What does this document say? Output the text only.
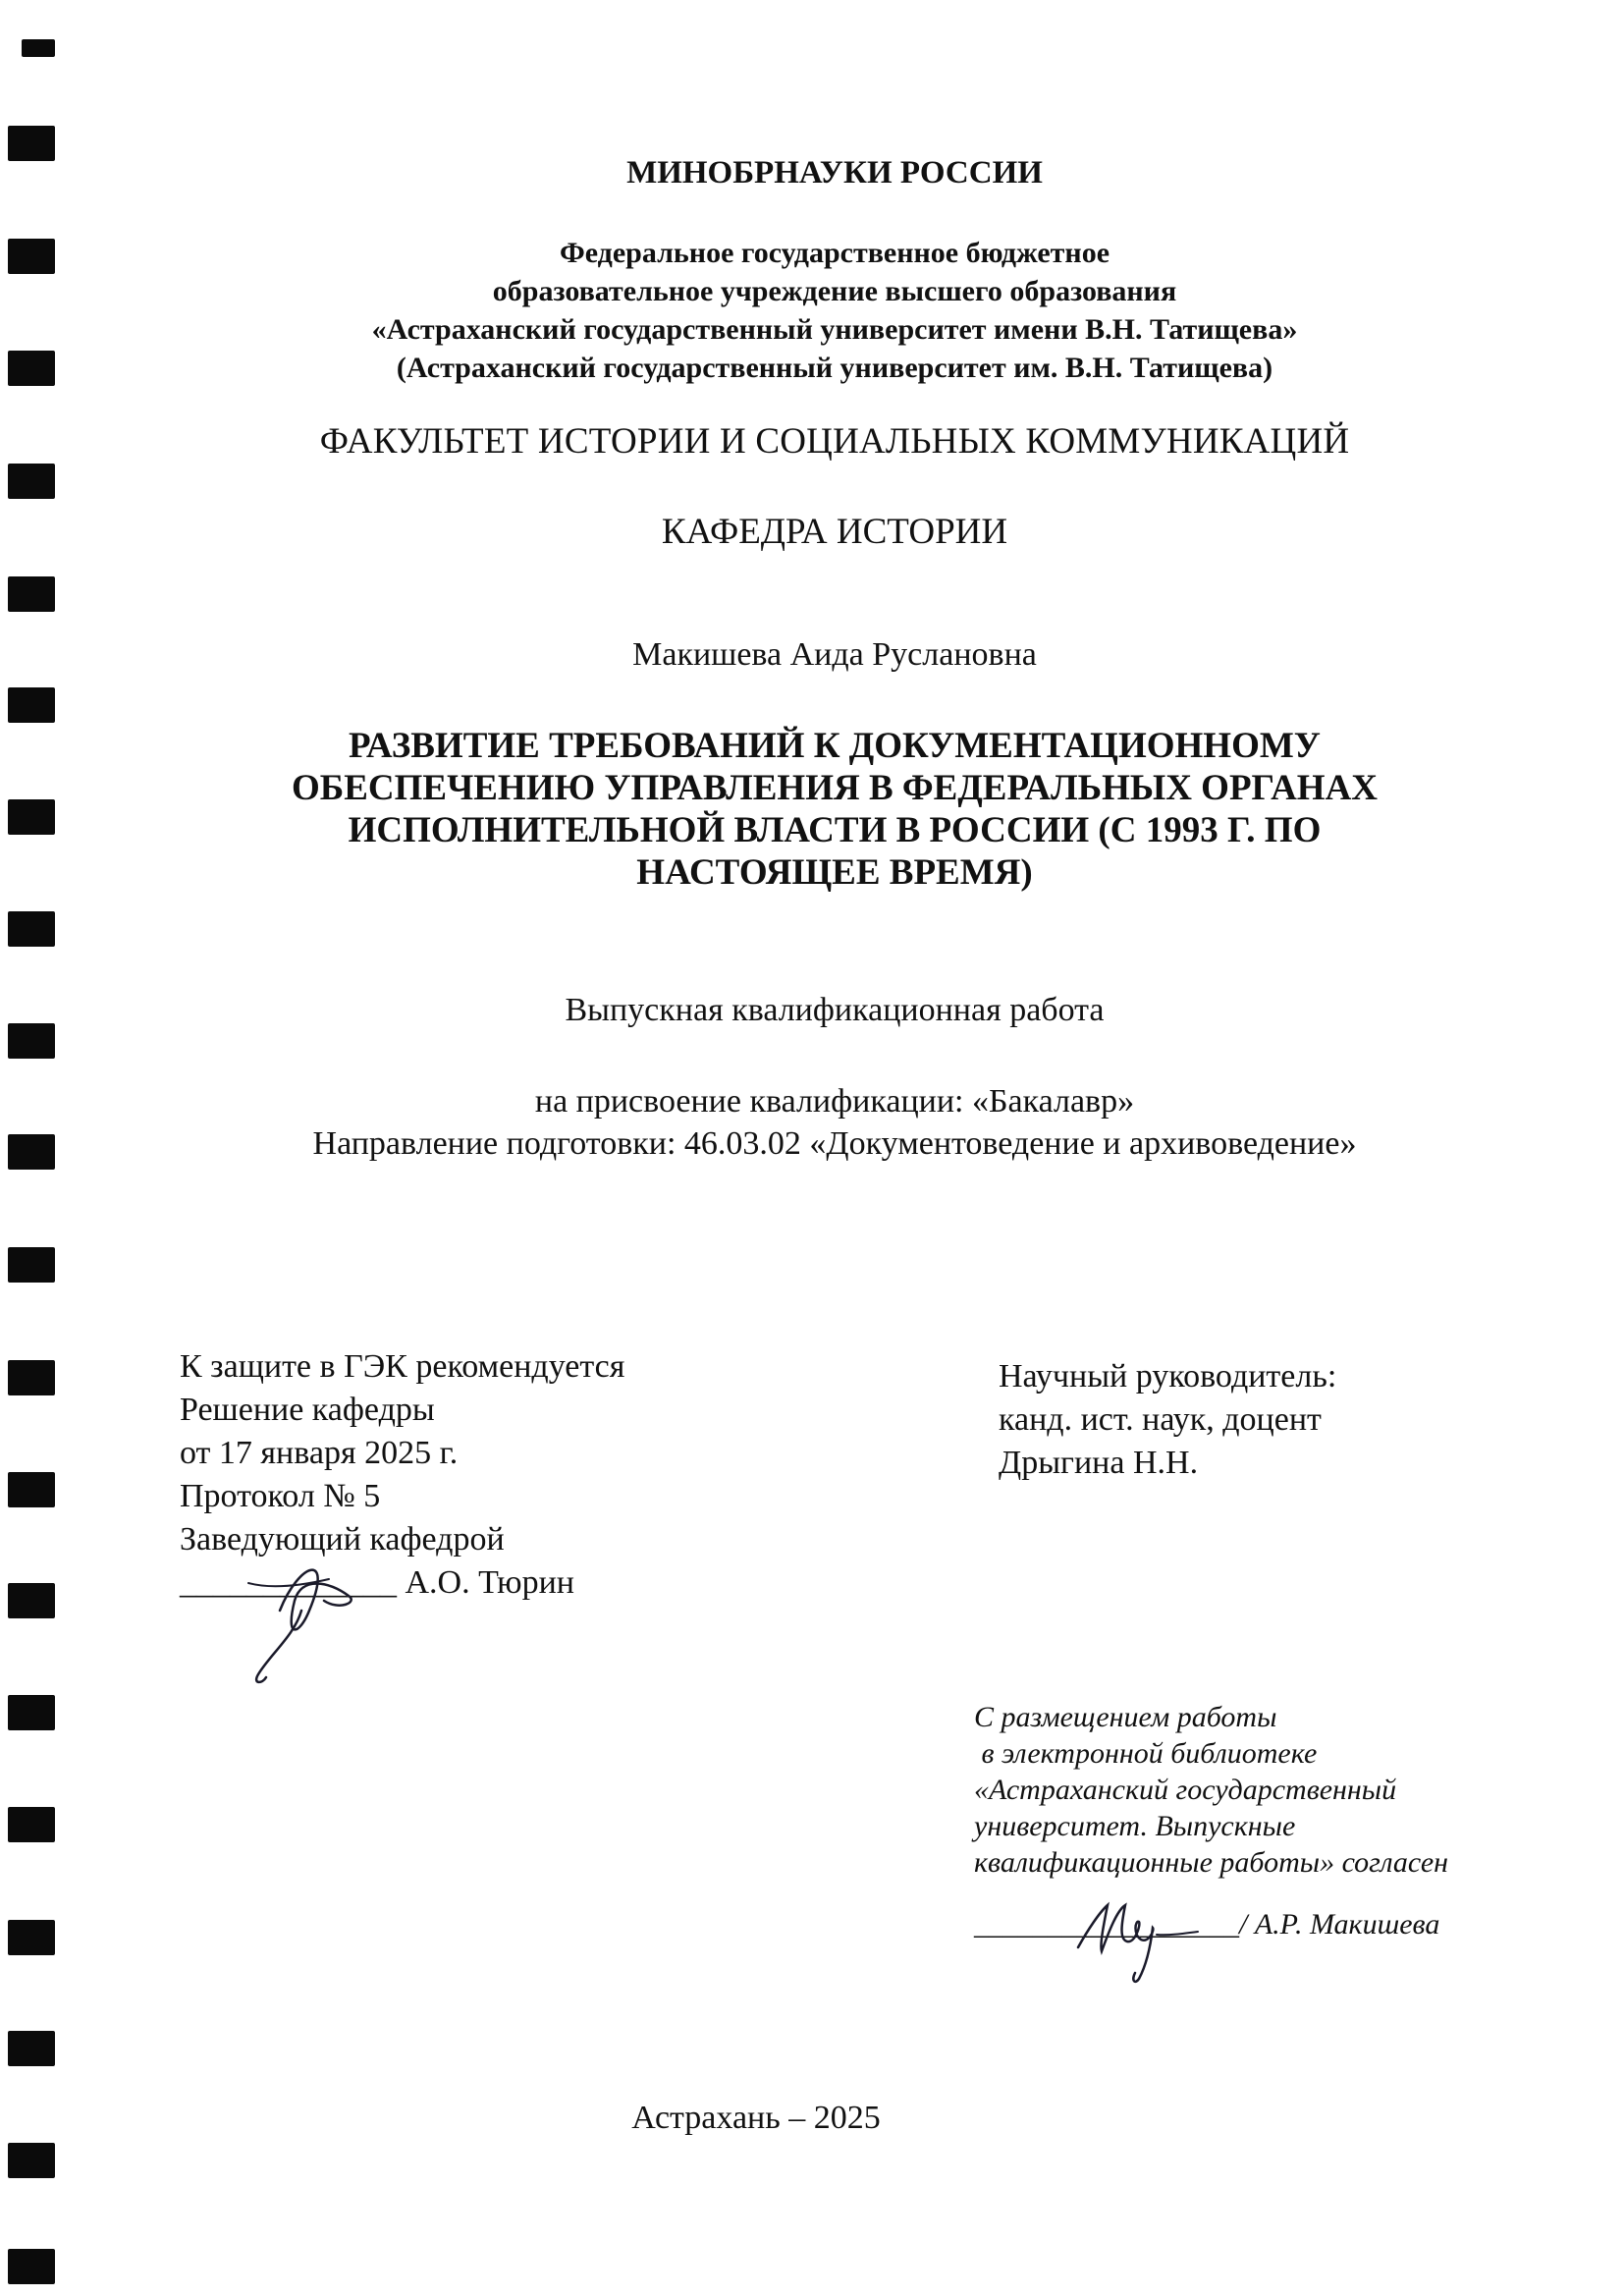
МИНОБРНАУКИ РОССИИ
Федеральное государственное бюджетное
образовательное учреждение высшего образования
«Астраханский государственный университет имени В.Н. Татищева»
(Астраханский государственный университет им. В.Н. Татищева)
ФАКУЛЬТЕТ ИСТОРИИ И СОЦИАЛЬНЫХ КОММУНИКАЦИЙ
КАФЕДРА ИСТОРИИ
Макишева Аида Руслановна
РАЗВИТИЕ ТРЕБОВАНИЙ К ДОКУМЕНТАЦИОННОМУ
ОБЕСПЕЧЕНИЮ УПРАВЛЕНИЯ В ФЕДЕРАЛЬНЫХ ОРГАНАХ
ИСПОЛНИТЕЛЬНОЙ ВЛАСТИ В РОССИИ (С 1993 Г. ПО
НАСТОЯЩЕЕ ВРЕМЯ)
Выпускная квалификационная работа
на присвоение квалификации: «Бакалавр»
Направление подготовки: 46.03.02 «Документоведение и архивоведение»
К защите в ГЭК рекомендуется
Решение кафедры
от 17 января 2025 г.
Протокол № 5
Заведующий кафедрой
_____________ А.О. Тюрин
Научный руководитель:
канд. ист. наук, доцент
Дрыгина Н.Н.
С размещением работы
в электронной библиотеке
«Астраханский государственный
университет. Выпускные
квалификационные работы» согласен
__________________/ А.Р. Макишева
Астрахань – 2025
